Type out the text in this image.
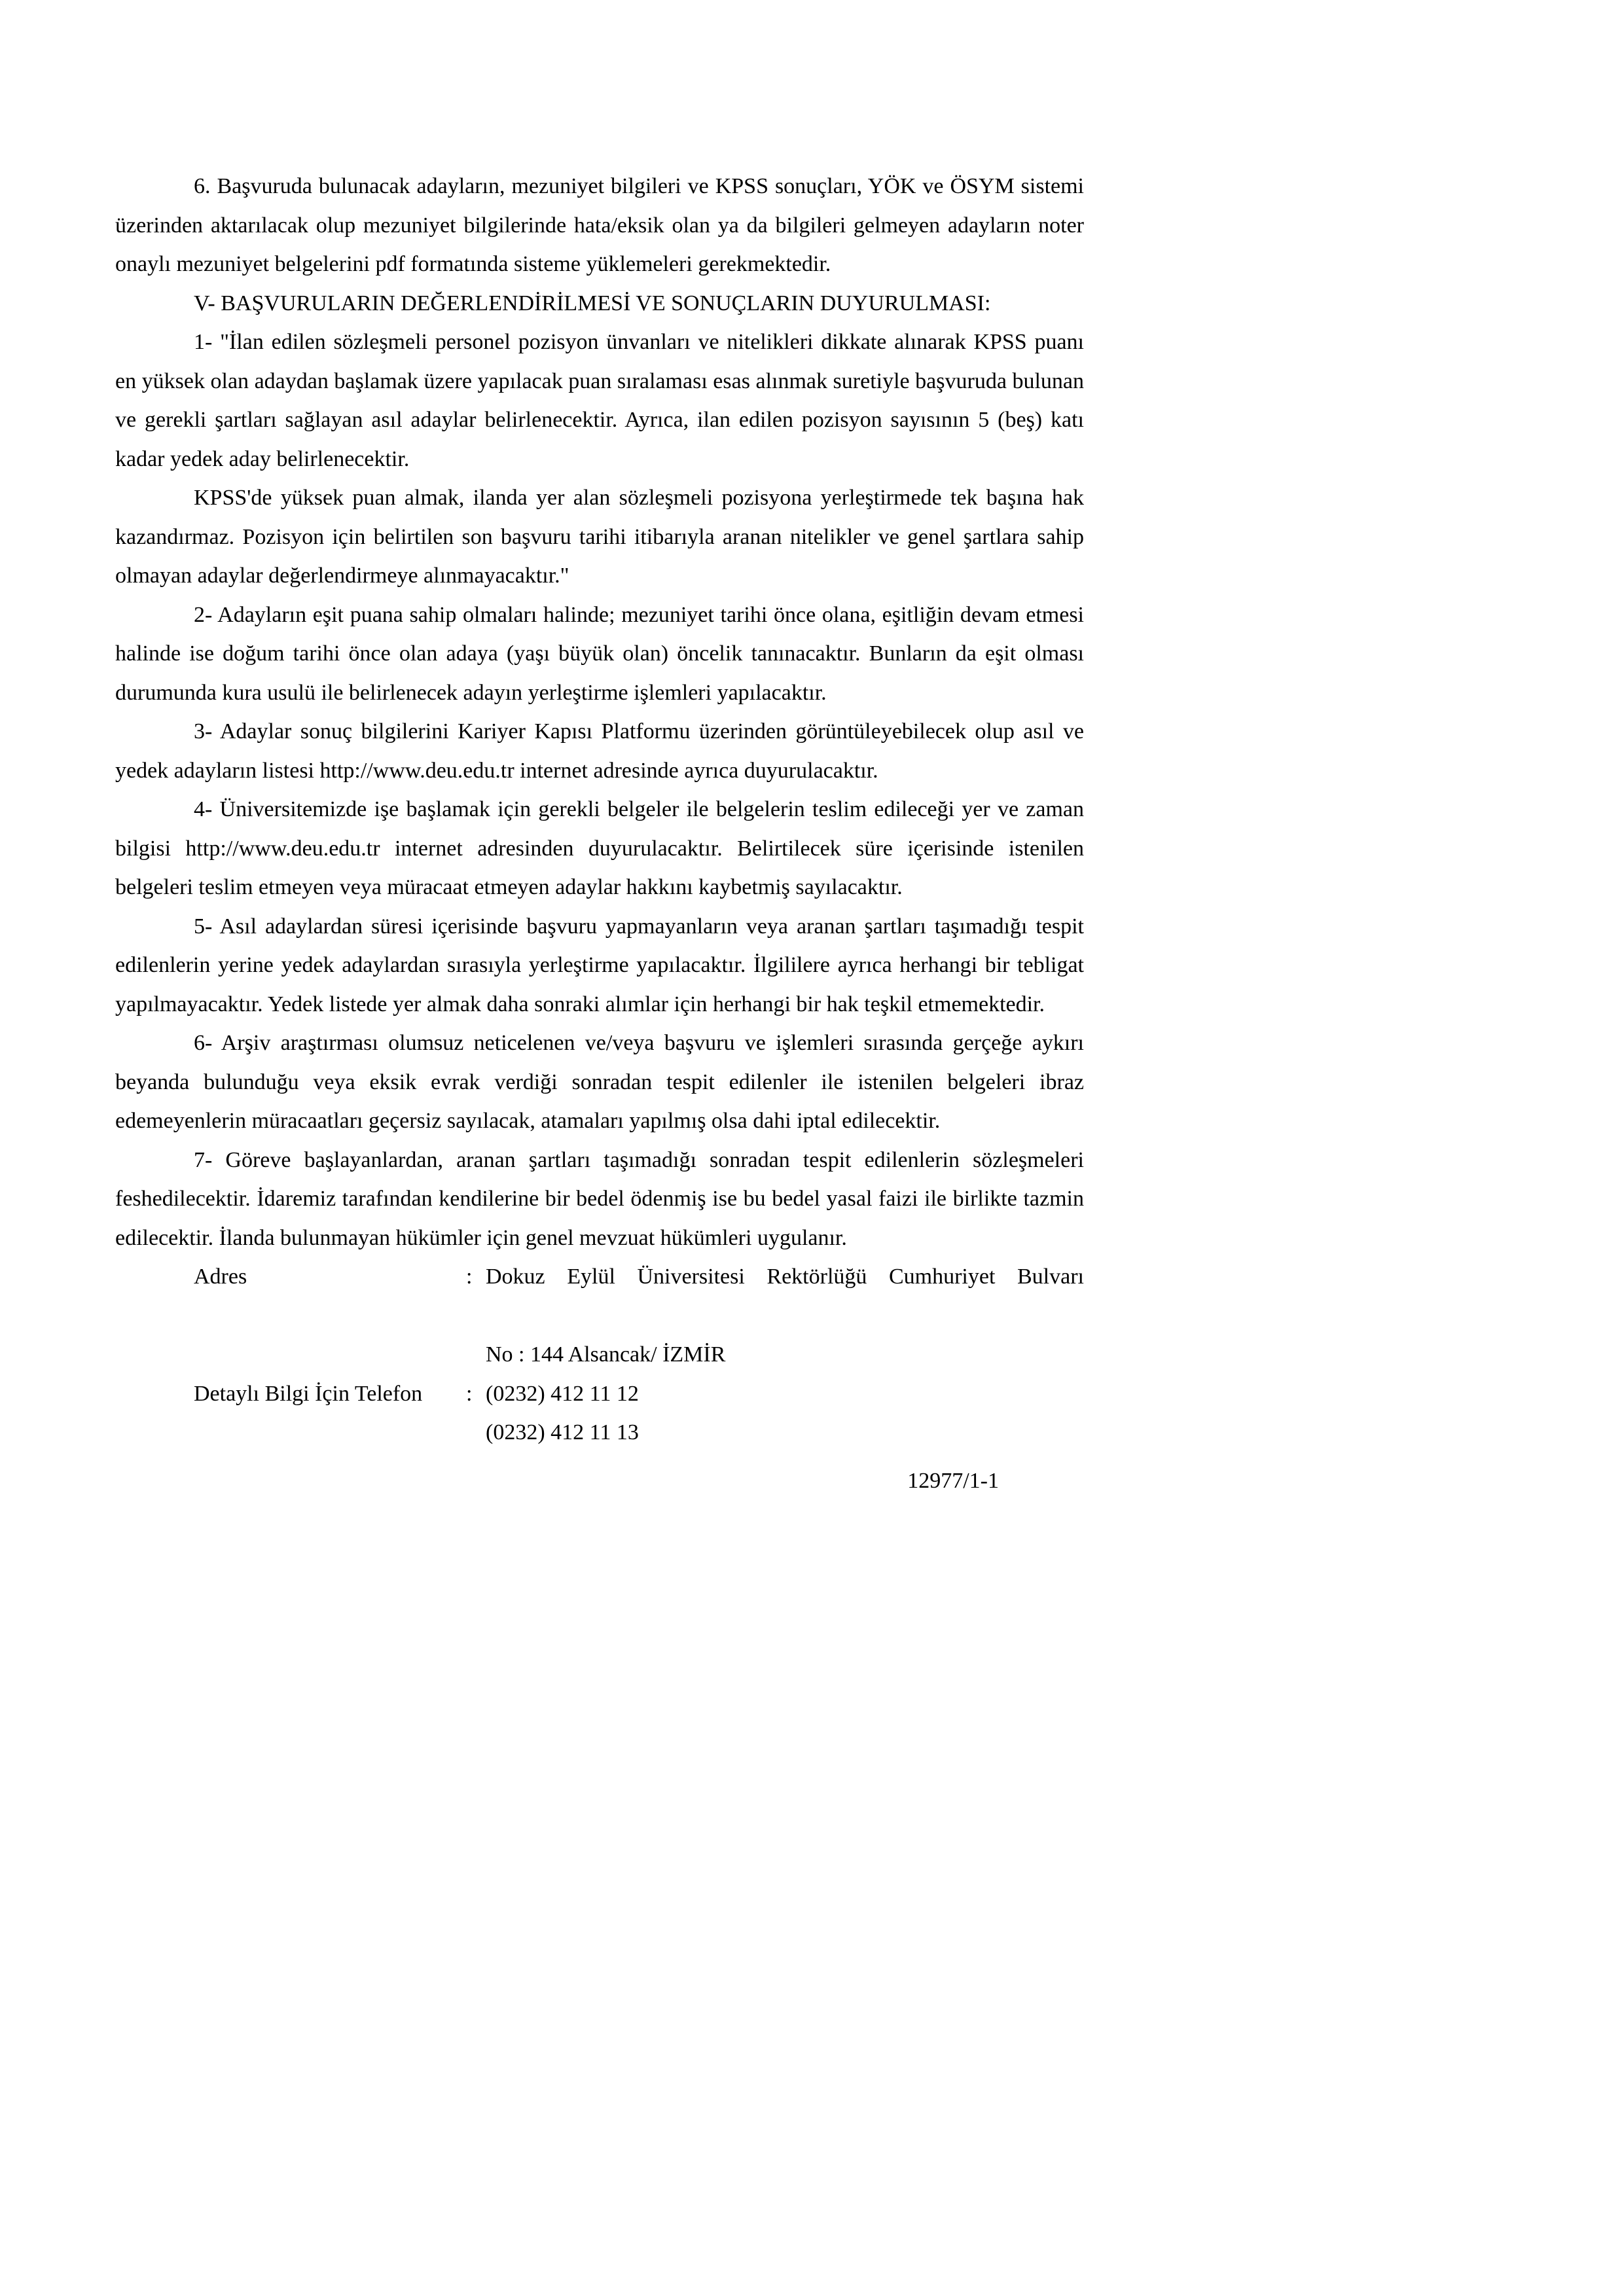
6. Başvuruda bulunacak adayların, mezuniyet bilgileri ve KPSS sonuçları, YÖK ve ÖSYM sistemi üzerinden aktarılacak olup mezuniyet bilgilerinde hata/eksik olan ya da bilgileri gelmeyen adayların noter onaylı mezuniyet belgelerini pdf formatında sisteme yüklemeleri gerekmektedir.

V- BAŞVURULARIN DEĞERLENDİRİLMESİ VE SONUÇLARIN DUYURULMASI:

1- "İlan edilen sözleşmeli personel pozisyon ünvanları ve nitelikleri dikkate alınarak KPSS puanı en yüksek olan adaydan başlamak üzere yapılacak puan sıralaması esas alınmak suretiyle başvuruda bulunan ve gerekli şartları sağlayan asıl adaylar belirlenecektir. Ayrıca, ilan edilen pozisyon sayısının 5 (beş) katı kadar yedek aday belirlenecektir.

KPSS'de yüksek puan almak, ilanda yer alan sözleşmeli pozisyona yerleştirmede tek başına hak kazandırmaz. Pozisyon için belirtilen son başvuru tarihi itibarıyla aranan nitelikler ve genel şartlara sahip olmayan adaylar değerlendirmeye alınmayacaktır."

2- Adayların eşit puana sahip olmaları halinde; mezuniyet tarihi önce olana, eşitliğin devam etmesi halinde ise doğum tarihi önce olan adaya (yaşı büyük olan) öncelik tanınacaktır. Bunların da eşit olması durumunda kura usulü ile belirlenecek adayın yerleştirme işlemleri yapılacaktır.

3- Adaylar sonuç bilgilerini Kariyer Kapısı Platformu üzerinden görüntüleyebilecek olup asıl ve yedek adayların listesi http://www.deu.edu.tr internet adresinde ayrıca duyurulacaktır.

4- Üniversitemizde işe başlamak için gerekli belgeler ile belgelerin teslim edileceği yer ve zaman bilgisi http://www.deu.edu.tr internet adresinden duyurulacaktır. Belirtilecek süre içerisinde istenilen belgeleri teslim etmeyen veya müracaat etmeyen adaylar hakkını kaybetmiş sayılacaktır.

5- Asıl adaylardan süresi içerisinde başvuru yapmayanların veya aranan şartları taşımadığı tespit edilenlerin yerine yedek adaylardan sırasıyla yerleştirme yapılacaktır. İlgililere ayrıca herhangi bir tebligat yapılmayacaktır. Yedek listede yer almak daha sonraki alımlar için herhangi bir hak teşkil etmemektedir.

6- Arşiv araştırması olumsuz neticelenen ve/veya başvuru ve işlemleri sırasında gerçeğe aykırı beyanda bulunduğu veya eksik evrak verdiği sonradan tespit edilenler ile istenilen belgeleri ibraz edemeyenlerin müracaatları geçersiz sayılacak, atamaları yapılmış olsa dahi iptal edilecektir.

7- Göreve başlayanlardan, aranan şartları taşımadığı sonradan tespit edilenlerin sözleşmeleri feshedilecektir. İdaremiz tarafından kendilerine bir bedel ödenmiş ise bu bedel yasal faizi ile birlikte tazmin edilecektir. İlanda bulunmayan hükümler için genel mevzuat hükümleri uygulanır.

Adres	: Dokuz Eylül Üniversitesi Rektörlüğü Cumhuriyet Bulvarı
No : 144 Alsancak/ İZMİR
Detaylı Bilgi İçin Telefon	: (0232) 412 11 12
(0232) 412 11 13

12977/1-1
